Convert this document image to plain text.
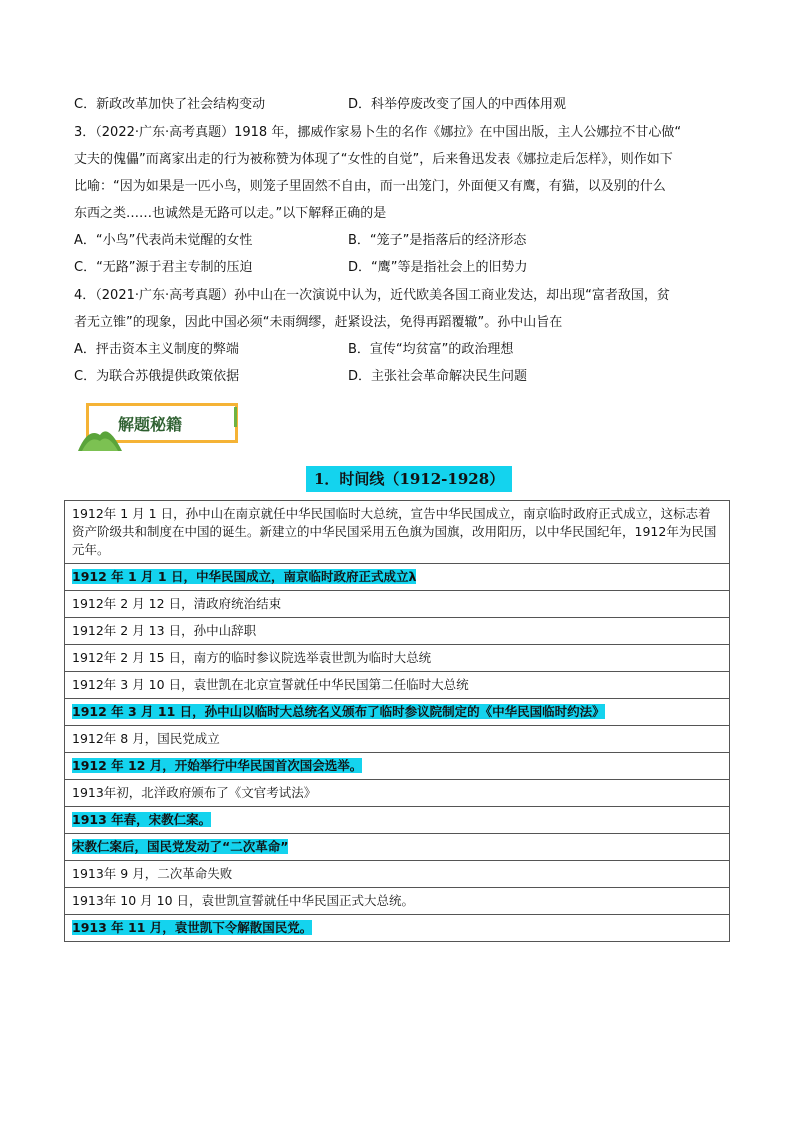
C．新政改革加快了社会结构变动	D．科举停废改变了国人的中西体用观
3．（2022·广东·高考真题）1918 年，挪威作家易卜生的名作《娜拉》在中国出版，主人公娜拉不甘心做“
丈夫的傀儡”而离家出走的行为被称赞为体现了“女性的自觉”，后来鲁迅发表《娜拉走后怎样》，则作如下
比喻：“因为如果是一匹小鸟，则笼子里固然不自由，而一出笼门，外面便又有鹰，有猫，以及别的什么
东西之类……也诚然是无路可以走。”以下解释正确的是
A．“小鸟”代表尚未觉醒的女性	B．“笼子”是指落后的经济形态
C．“无路”源于君主专制的压迫	D．“鹰”等是指社会上的旧势力
4．（2021·广东·高考真题）孙中山在一次演说中认为，近代欧美各国工商业发达，却出现“富者敌国，贫
者无立锥”的现象，因此中国必须“未雨绸缪，赶紧设法，免得再蹈覆辙”。孙中山旨在
A．抨击资本主义制度的弊端	B．宣传“均贫富”的政治理想
C．为联合苏俄提供政策依据	D．主张社会革命解决民生问题
解题秘籍
1．时间线（1912-1928）
1912年 1 月 1 日，孙中山在南京就任中华民国临时大总统，宣告中华民国成立，南京临时政府正式成立，这标志着资产阶级共和制度在中国的诞生。新建立的中华民国采用五色旗为国旗，改用阳历，以中华民国纪年，1912年为民国元年。
1912 年 1 月 1 日，中华民国成立，南京临时政府正式成立λ
1912年 2 月 12 日，清政府统治结束
1912年 2 月 13 日，孙中山辞职
1912年 2 月 15 日，南方的临时参议院选举袁世凯为临时大总统
1912年 3 月 10 日，袁世凯在北京宣誓就任中华民国第二任临时大总统
1912 年 3 月 11 日，孙中山以临时大总统名义颁布了临时参议院制定的《中华民国临时约法》
1912年 8 月，国民党成立
1912 年 12 月，开始举行中华民国首次国会选举。
1913年初，北洋政府颁布了《文官考试法》
1913 年春，宋教仁案。
宋教仁案后，国民党发动了“二次革命”
1913年 9 月，二次革命失败
1913年 10 月 10 日，袁世凯宣誓就任中华民国正式大总统。
1913 年 11 月，袁世凯下令解散国民党。
